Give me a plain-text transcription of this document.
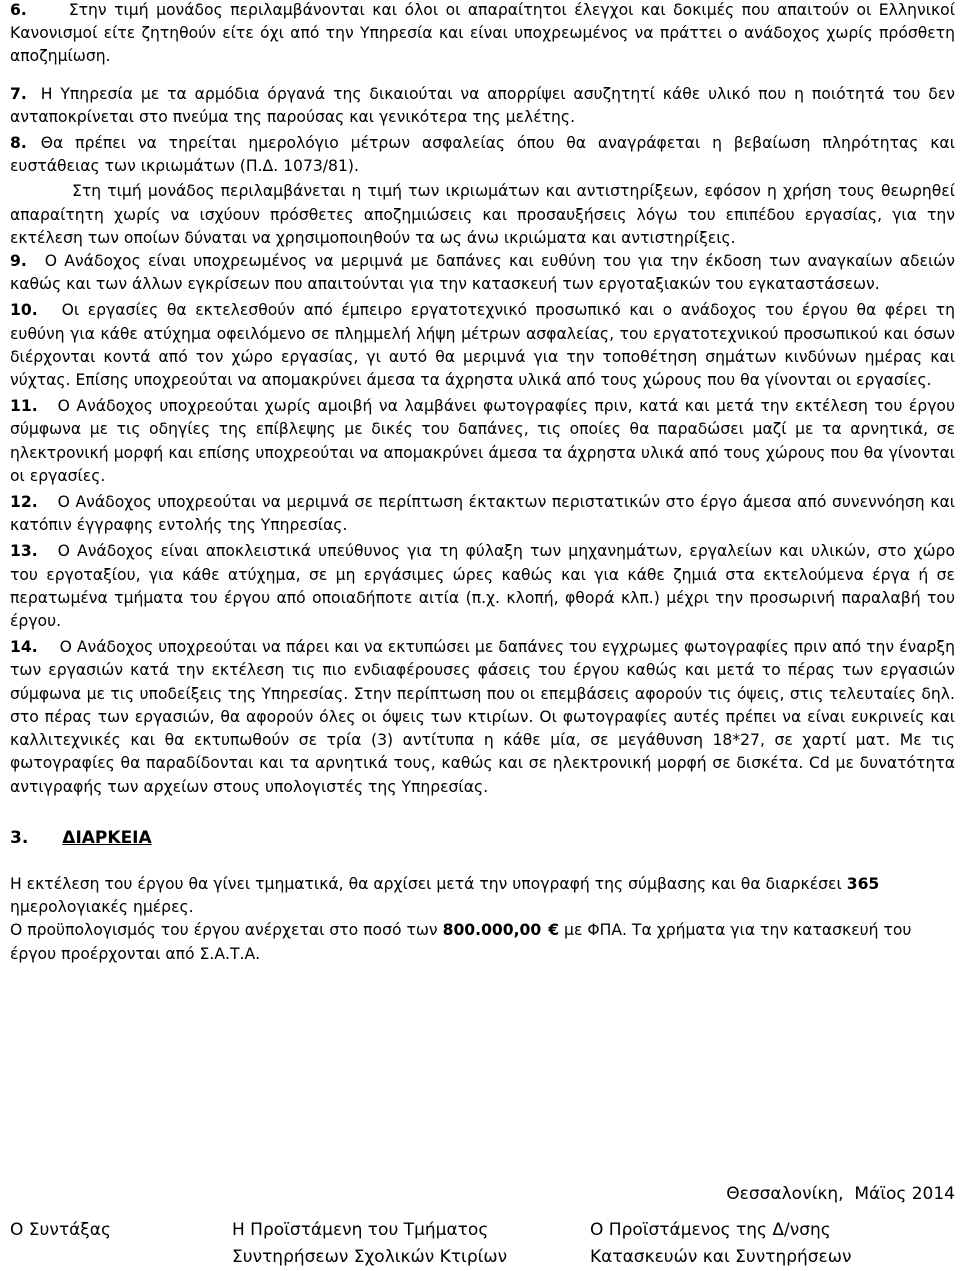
6.	Στην τιμή μονάδος περιλαμβάνονται και όλοι οι απαραίτητοι έλεγχοι και δοκιμές που απαιτούν οι Ελληνικοί Κανονισμοί είτε ζητηθούν είτε όχι από την Υπηρεσία και είναι υποχρεωμένος να πράττει ο ανάδοχος χωρίς πρόσθετη αποζημίωση.

7. Η Υπηρεσία με τα αρμόδια όργανά της δικαιούται να απορρίψει ασυζητητί κάθε υλικό που η ποιότητά του δεν ανταποκρίνεται στο πνεύμα της παρούσας και γενικότερα της μελέτης.

8. Θα πρέπει να τηρείται ημερολόγιο μέτρων ασφαλείας όπου θα αναγράφεται η βεβαίωση πληρότητας και ευστάθειας των ικριωμάτων (Π.Δ. 1073/81).

Στη τιμή μονάδος περιλαμβάνεται η τιμή των ικριωμάτων και αντιστηρίξεων, εφόσον η χρήση τους θεωρηθεί απαραίτητη χωρίς να ισχύουν πρόσθετες αποζημιώσεις και προσαυξήσεις λόγω του επιπέδου εργασίας, για την εκτέλεση των οποίων δύναται να χρησιμοποιηθούν τα ως άνω ικριώματα και αντιστηρίξεις.

9. Ο Ανάδοχος είναι υποχρεωμένος να μεριμνά με δαπάνες και ευθύνη του για την έκδοση των αναγκαίων αδειών καθώς και των άλλων εγκρίσεων που απαιτούνται για την κατασκευή των εργοταξιακών του εγκαταστάσεων.

10. Οι εργασίες θα εκτελεσθούν από έμπειρο εργατοτεχνικό προσωπικό και ο ανάδοχος του έργου θα φέρει τη ευθύνη για κάθε ατύχημα οφειλόμενο σε πλημμελή λήψη μέτρων ασφαλείας, του εργατοτεχνικού προσωπικού και όσων διέρχονται κοντά από τον χώρο εργασίας, γι αυτό θα μεριμνά για την τοποθέτηση σημάτων κινδύνων ημέρας και νύχτας. Επίσης υποχρεούται να απομακρύνει άμεσα τα άχρηστα υλικά από τους χώρους που θα γίνονται οι εργασίες.

11. Ο Ανάδοχος υποχρεούται χωρίς αμοιβή να λαμβάνει φωτογραφίες πριν, κατά και μετά την εκτέλεση του έργου σύμφωνα με τις οδηγίες της επίβλεψης με δικές του δαπάνες, τις οποίες θα παραδώσει μαζί με τα αρνητικά, σε ηλεκτρονική μορφή και επίσης υποχρεούται να απομακρύνει άμεσα τα άχρηστα υλικά από τους χώρους που θα γίνονται οι εργασίες.

12. Ο Ανάδοχος υποχρεούται να μεριμνά σε περίπτωση έκτακτων περιστατικών στο έργο άμεσα από συνεννόηση και κατόπιν έγγραφης εντολής της Υπηρεσίας.

13. Ο Ανάδοχος είναι αποκλειστικά υπεύθυνος για τη φύλαξη των μηχανημάτων, εργαλείων και υλικών, στο χώρο του εργοταξίου, για κάθε ατύχημα, σε μη εργάσιμες ώρες καθώς και για κάθε ζημιά στα εκτελούμενα έργα ή σε περατωμένα τμήματα του έργου από οποιαδήποτε αιτία (π.χ. κλοπή, φθορά κλπ.) μέχρι την προσωρινή παραλαβή του έργου.

14. Ο Ανάδοχος υποχρεούται να πάρει και να εκτυπώσει με δαπάνες του εγχρωμες φωτογραφίες πριν από την έναρξη των εργασιών κατά την εκτέλεση τις πιο ενδιαφέρουσες φάσεις του έργου καθώς και μετά το πέρας των εργασιών σύμφωνα με τις υποδείξεις της Υπηρεσίας. Στην περίπτωση που οι επεμβάσεις αφορούν τις όψεις, στις τελευταίες δηλ. στο πέρας των εργασιών, θα αφορούν όλες οι όψεις των κτιρίων. Οι φωτογραφίες αυτές πρέπει να είναι ευκρινείς και καλλιτεχνικές και θα εκτυπωθούν σε τρία (3) αντίτυπα η κάθε μία, σε μεγάθυνση 18*27, σε χαρτί ματ. Με τις φωτογραφίες θα παραδίδονται και τα αρνητικά τους, καθώς και σε ηλεκτρονική μορφή σε δισκέτα. Cd με δυνατότητα αντιγραφής των αρχείων στους υπολογιστές της Υπηρεσίας.

3. ΔΙΑΡΚΕΙΑ

Η εκτέλεση του έργου θα γίνει τμηματικά, θα αρχίσει μετά την υπογραφή της σύμβασης και θα διαρκέσει 365 ημερολογιακές ημέρες.

Ο προϋπολογισμός του έργου ανέρχεται στο ποσό των 800.000,00 € με ΦΠΑ. Τα χρήματα για την κατασκευή του έργου προέρχονται από Σ.Α.Τ.Α.

Θεσσαλονίκη,  Μάϊος 2014
Ο Συντάξας	Η Προϊστάμενη του Τμήματος
Συντηρήσεων Σχολικών Κτιρίων
Ο Προϊστάμενος της Δ/νσης
Κατασκευών και Συντηρήσεων
